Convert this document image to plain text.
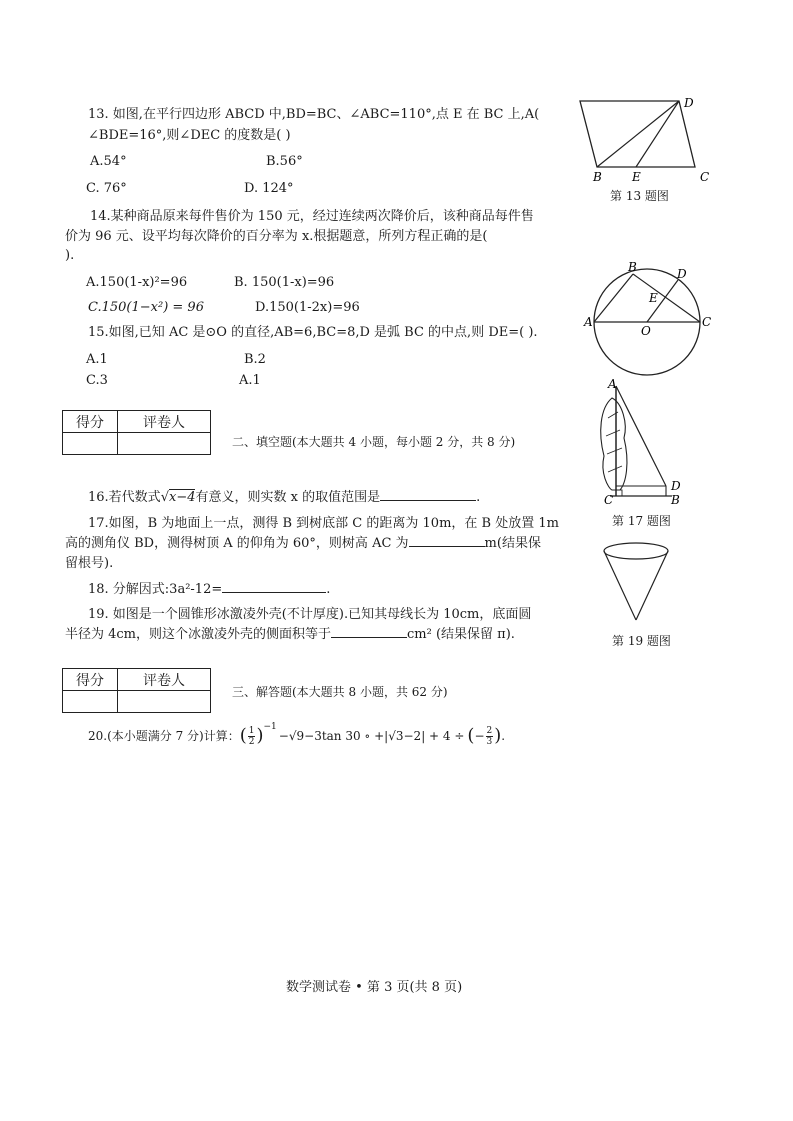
13. 如图,在平行四边形 ABCD 中,BD=BC、∠ABC=110°,点 E 在 BC 上,A(
∠BDE=16°,则∠DEC 的度数是( )
A.54°	B.56°
C. 76°	D. 124°
14.某种商品原来每件售价为 150 元，经过连续两次降价后，该种商品每件售
价为 96 元、设平均每次降价的百分率为 x.根据题意，所列方程正确的是(
).
A.150(1-x)²=96	B. 150(1-x)=96
C.150(1−x²) = 96	D.150(1-2x)=96
15.如图,已知 AC 是⊙O 的直径,AB=6,BC=8,D 是弧 BC 的中点,则 DE=( ).
A.1	B.2
C.3	A.1
得分	评卷人

二、填空题(本大题共 4 小题，每小题 2 分，共 8 分)
16.若代数式√x−4有意义，则实数 x 的取值范围是	.
17.如图，B 为地面上一点，测得 B 到树底部 C 的距离为 10m，在 B 处放置 1m
高的测角仪 BD，测得树顶 A 的仰角为 60°，则树高 AC 为	m(结果保
留根号).
18. 分解因式:3a²-12=	.
19. 如图是一个圆锥形冰激凌外壳(不计厚度).已知其母线长为 10cm，底面圆
半径为 4cm，则这个冰激凌外壳的侧面积等于	cm² (结果保留 π).
得分	评卷人

三、解答题(本大题共 8 小题，共 62 分)
20.(本小题满分 7 分)计算： ( 1
2 ) −1
−√9−3tan 30 ∘ +|√3−2| + 4 ÷ ( − $\frac{2}{3}$ ) .
D
B	E	C
第 13 题图
B	D
E
A
O
C
A
C
D
B
第 17 题图
第 19 题图
数学测试卷 • 第 3 页(共 8 页)
